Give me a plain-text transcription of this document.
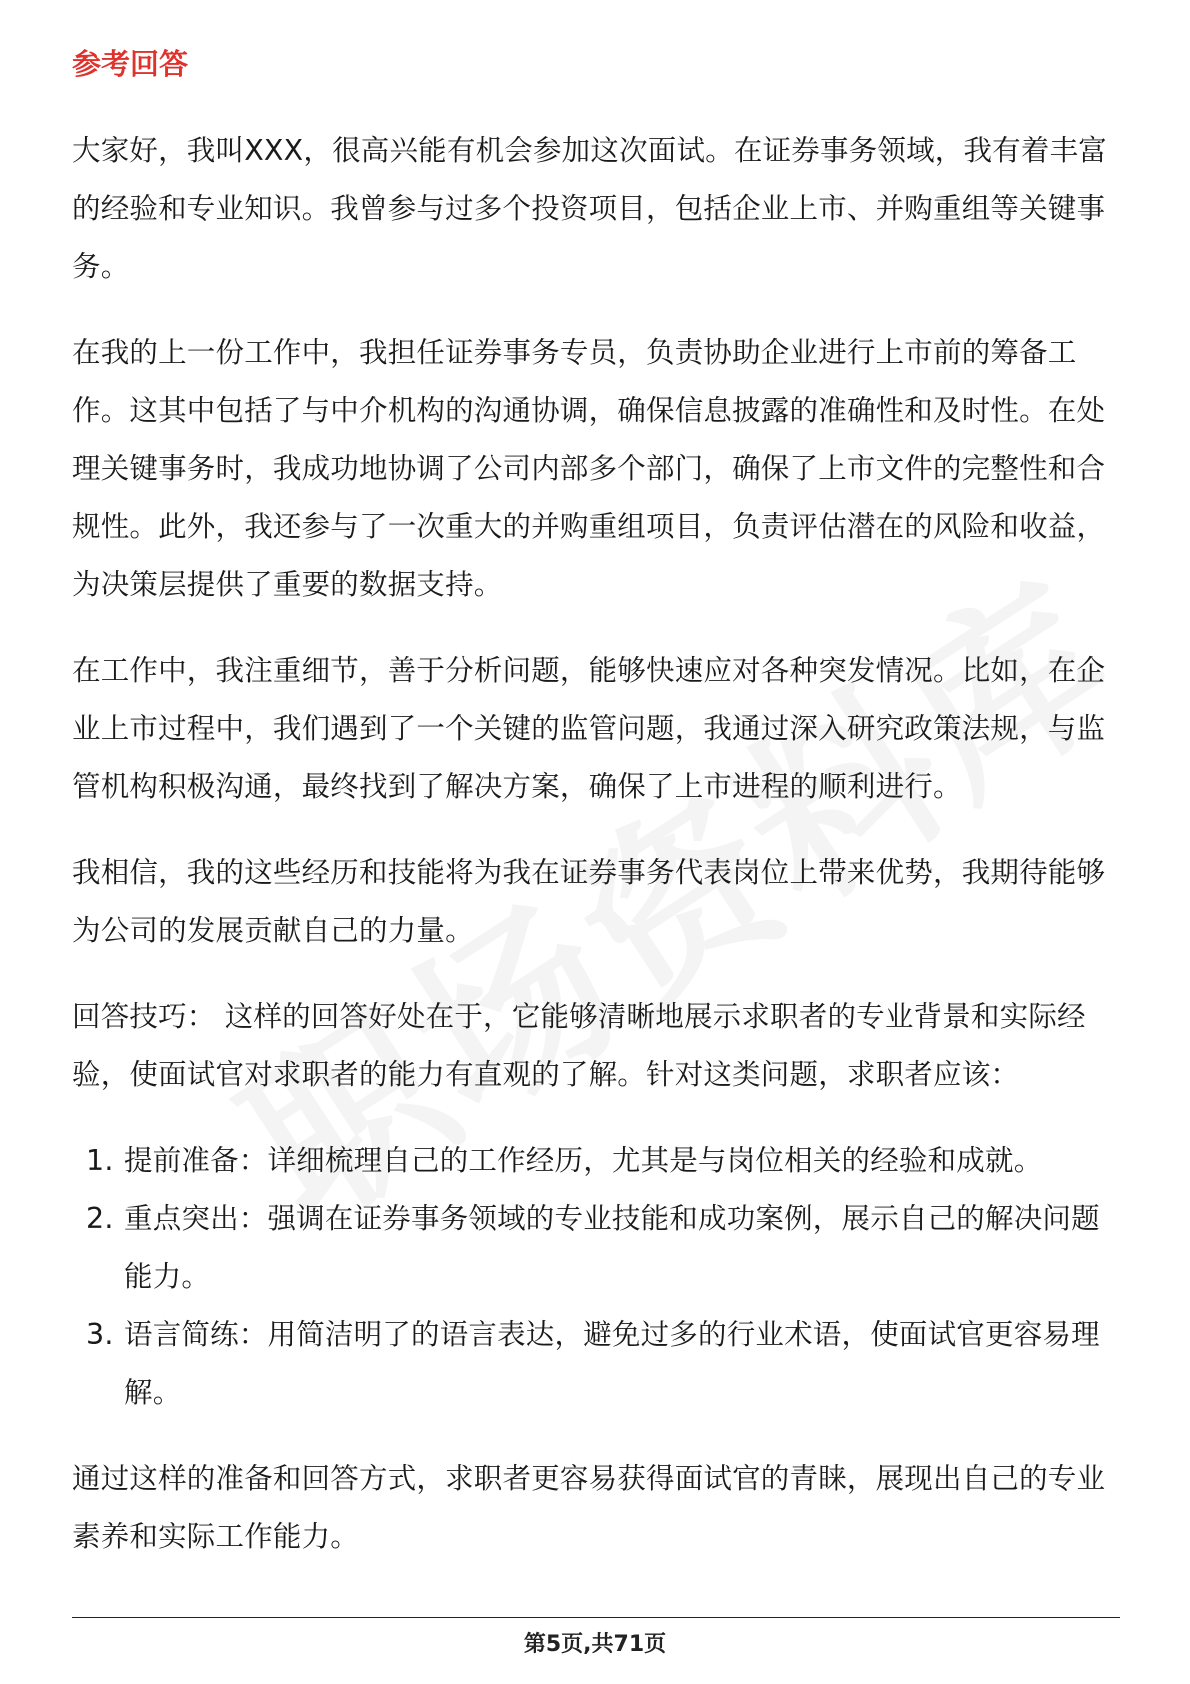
参考回答

大家好，我叫XXX，很高兴能有机会参加这次面试。在证券事务领域，我有着丰富的经验和专业知识。我曾参与过多个投资项目，包括企业上市、并购重组等关键事务。

在我的上一份工作中，我担任证券事务专员，负责协助企业进行上市前的筹备工作。这其中包括了与中介机构的沟通协调，确保信息披露的准确性和及时性。在处理关键事务时，我成功地协调了公司内部多个部门，确保了上市文件的完整性和合规性。此外，我还参与了一次重大的并购重组项目，负责评估潜在的风险和收益，为决策层提供了重要的数据支持。

在工作中，我注重细节，善于分析问题，能够快速应对各种突发情况。比如，在企业上市过程中，我们遇到了一个关键的监管问题，我通过深入研究政策法规，与监管机构积极沟通，最终找到了解决方案，确保了上市进程的顺利进行。

我相信，我的这些经历和技能将为我在证券事务代表岗位上带来优势，我期待能够为公司的发展贡献自己的力量。

回答技巧： 这样的回答好处在于，它能够清晰地展示求职者的专业背景和实际经验，使面试官对求职者的能力有直观的了解。针对这类问题，求职者应该：

1. 提前准备：详细梳理自己的工作经历，尤其是与岗位相关的经验和成就。
2. 重点突出：强调在证券事务领域的专业技能和成功案例，展示自己的解决问题能力。
3. 语言简练：用简洁明了的语言表达，避免过多的行业术语，使面试官更容易理解。

通过这样的准备和回答方式，求职者更容易获得面试官的青睐，展现出自己的专业素养和实际工作能力。

第5页,共71页
